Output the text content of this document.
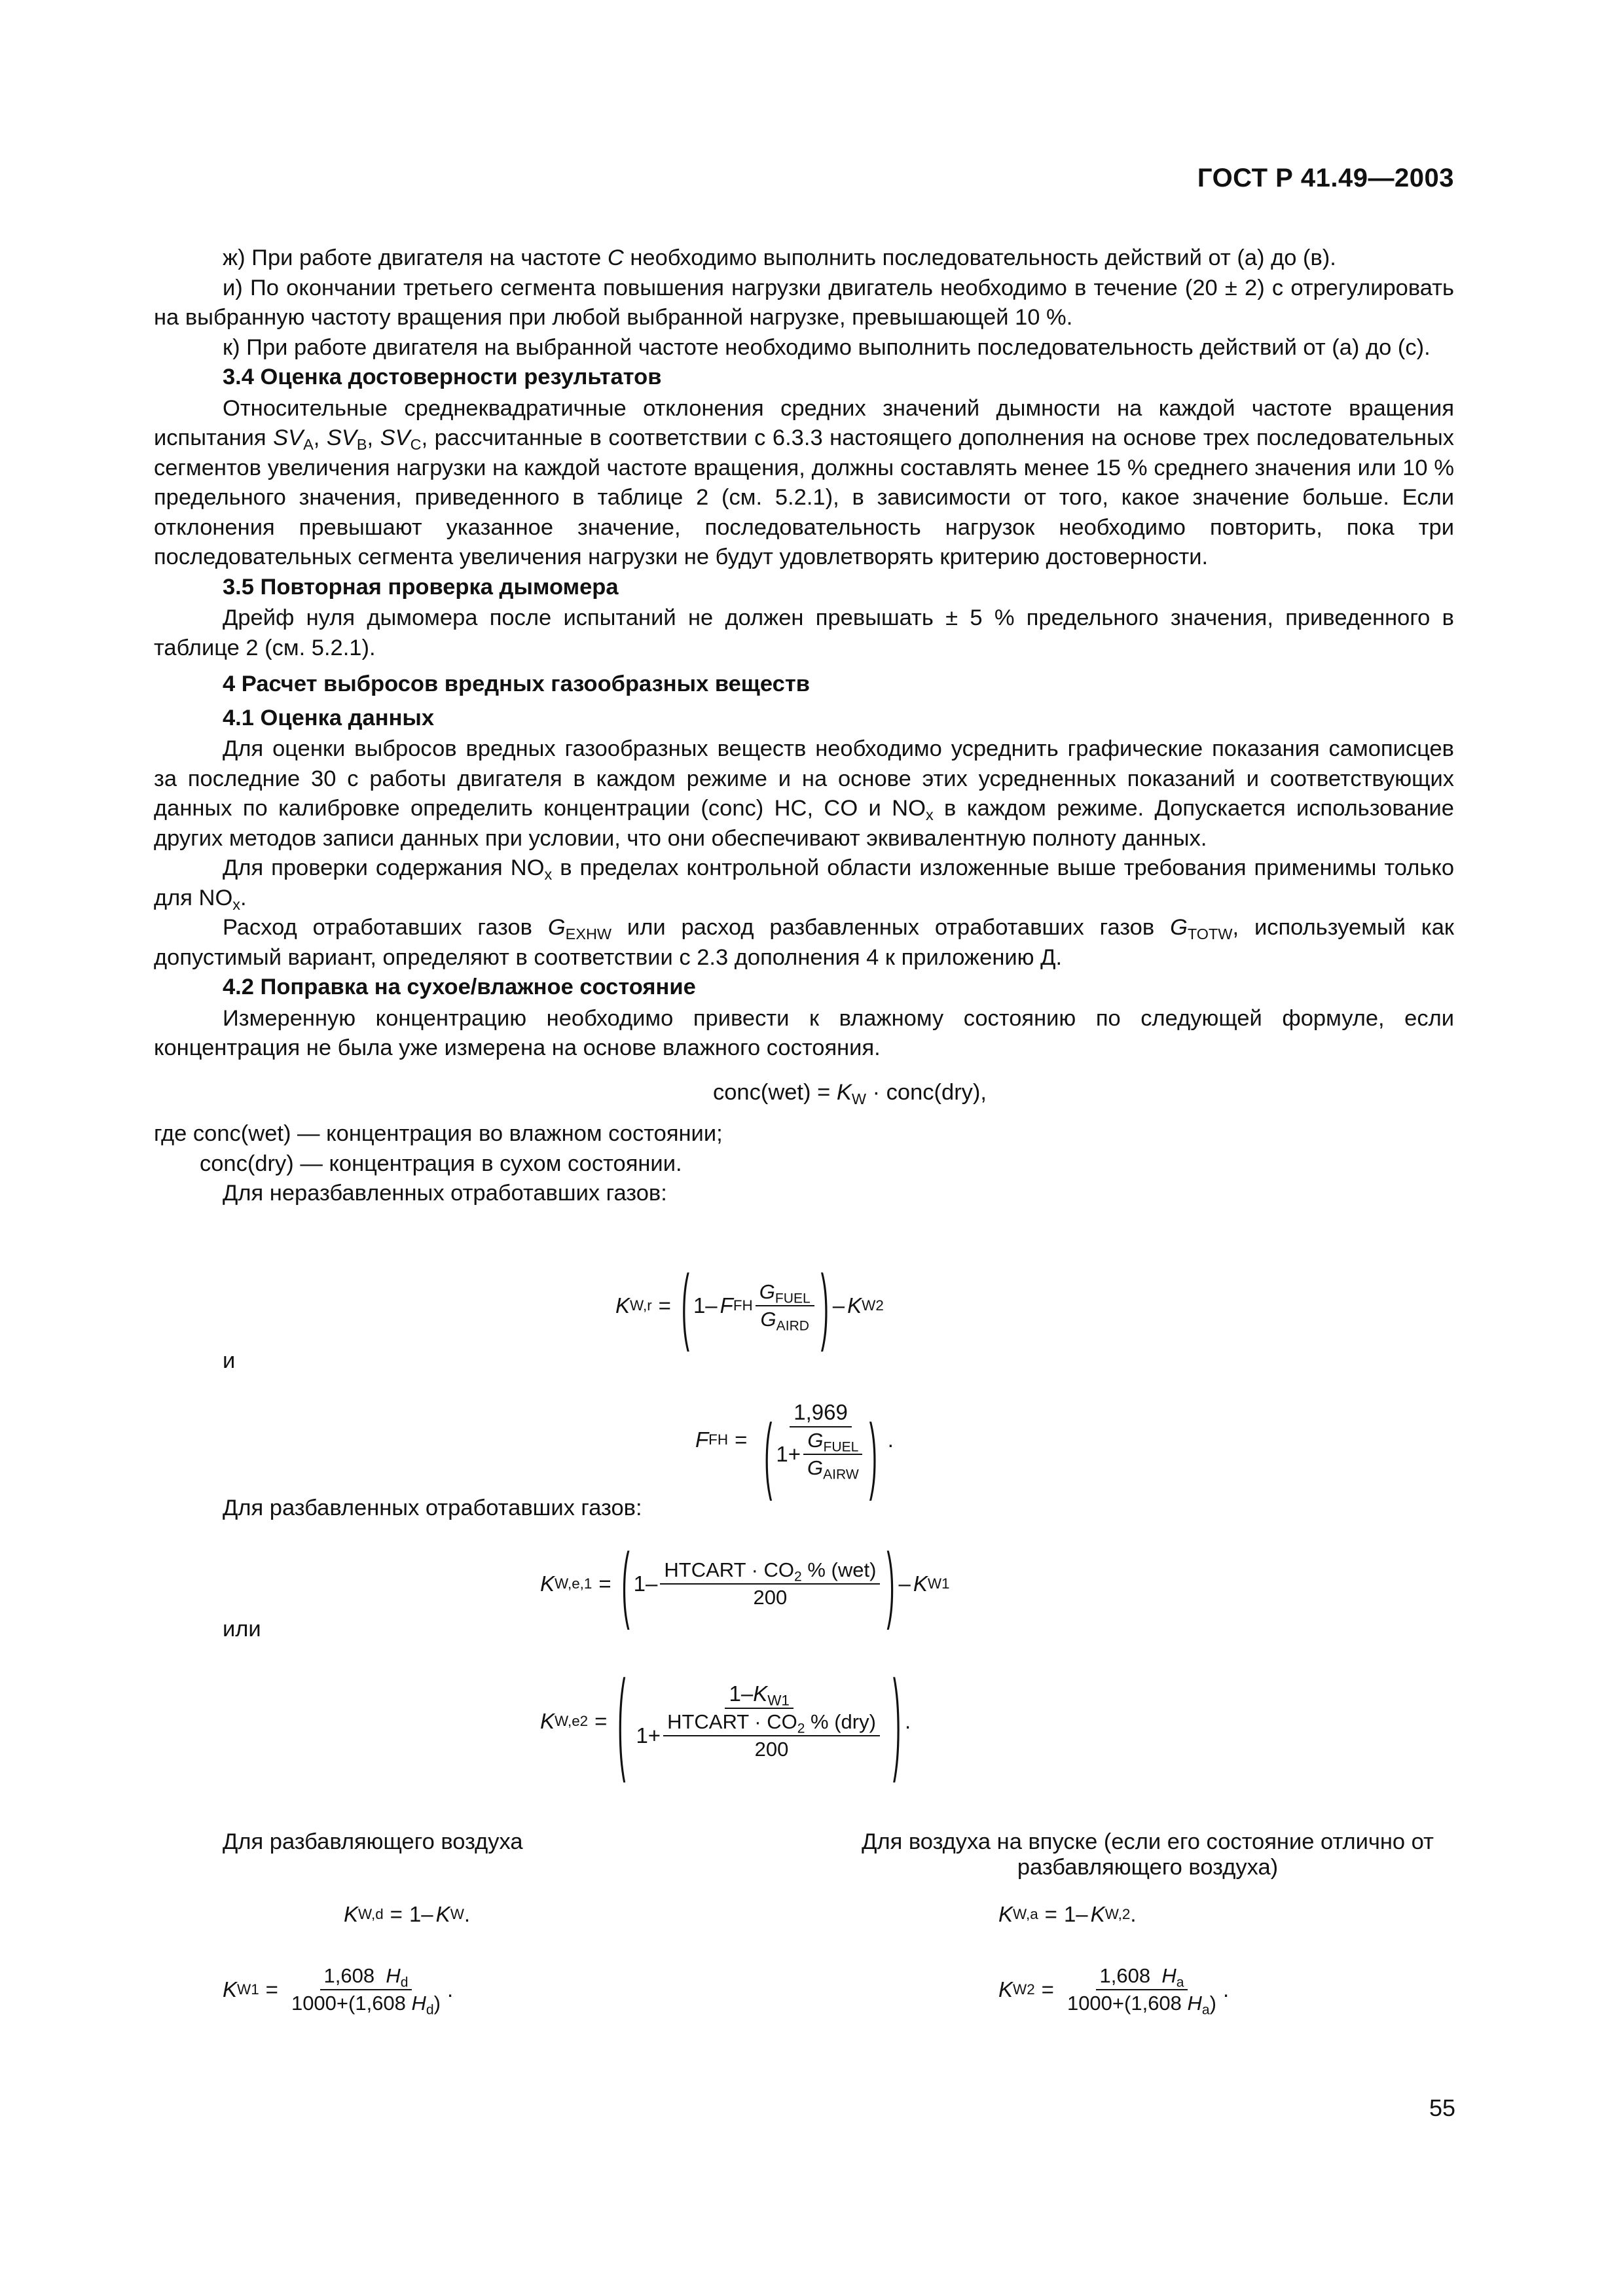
ГОСТ Р 41.49—2003

ж) При работе двигателя на частоте C необходимо выполнить последовательность действий от (а) до (в).

и) По окончании третьего сегмента повышения нагрузки двигатель необходимо в течение (20 ± 2) с отрегулировать на выбранную частоту вращения при любой выбранной нагрузке, превышающей 10 %.

к) При работе двигателя на выбранной частоте необходимо выполнить последовательность действий от (а) до (с).

3.4 Оценка достоверности результатов

Относительные среднеквадратичные отклонения средних значений дымности на каждой частоте вращения испытания $SV_A$, $SV_B$, $SV_C$, рассчитанные в соответствии с 6.3.3 настоящего дополнения на основе трех последовательных сегментов увеличения нагрузки на каждой частоте вращения, должны составлять менее 15 % среднего значения или 10 % предельного значения, приведенного в таблице 2 (см. 5.2.1), в зависимости от того, какое значение больше. Если отклонения превышают указанное значение, последовательность нагрузок необходимо повторить, пока три последовательных сегмента увеличения нагрузки не будут удовлетворять критерию достоверности.

3.5 Повторная проверка дымомера

Дрейф нуля дымомера после испытаний не должен превышать ± 5 % предельного значения, приведенного в таблице 2 (см. 5.2.1).

4 Расчет выбросов вредных газообразных веществ
4.1 Оценка данных

Для оценки выбросов вредных газообразных веществ необходимо усреднить графические показания самописцев за последние 30 с работы двигателя в каждом режиме и на основе этих усредненных показаний и соответствующих данных по калибровке определить концентрации (conc) HC, CO и $NO_x$ в каждом режиме. Допускается использование других методов записи данных при условии, что они обеспечивают эквивалентную полноту данных.

Для проверки содержания $NO_x$ в пределах контрольной области изложенные выше требования применимы только для $NO_x$.

Расход отработавших газов $G_{EXHW}$ или расход разбавленных отработавших газов $G_{TOTW}$, используемый как допустимый вариант, определяют в соответствии с 2.3 дополнения 4 к приложению Д.

4.2 Поправка на сухое/влажное состояние

Измеренную концентрацию необходимо привести к влажному состоянию по следующей формуле, если концентрация не была уже измерена на основе влажного состояния.

conc(wet) = $K_W$ · conc(dry),
где conc(wet) — концентрация во влажном состоянии;
conc(dry) — концентрация в сухом состоянии.

Для неразбавленных отработавших газов:

K W,r = ( 1– F FH $\frac{G_{FUEL}}{G_{AIRD}}$ ) – K W2
и
F FH = $\frac{1,969}{( 1+ \frac{G_{FUEL}}{G_{AIRW}} )}$ .
Для разбавленных отработавших газов:
K W,e,1 = ( $1- \frac{HTCART \cdot CO_2 \% (wet)}{200}$ ) – K W1
или
K W,e2 = ( $\frac{1-K_{W1}}{1+ \frac{HTCART \cdot CO_2 \% (dry)}{200}}$ ) .
Для разбавляющего воздуха	Для воздуха на впуске (если его состояние отлично от
разбавляющего воздуха)
K W,d = 1– K W .	K W,a = 1– K W,2 .
K $W1 = \frac{1,608 H_d}{1000+(1,608 H_d)}$ .	K $W2 = \frac{1,608 H_a}{1000+(1,608 H_a)}$ .
55
